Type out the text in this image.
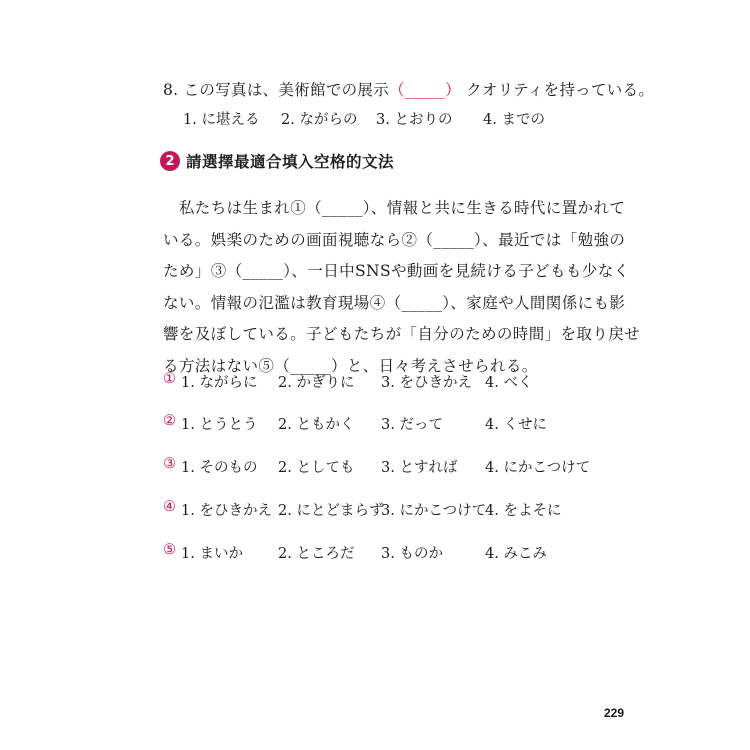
8. この写真は、美術館での展示（_____） クオリティを持っている。
1. に堪える 2. ながらの 3. とおりの 4. までの
2 請選擇最適合填入空格的文法
　私たちは生まれ①（_____）、情報と共に生きる時代に置かれて
いる。娯楽のための画面視聴なら②（_____）、最近では「勉強の
ため」③（_____）、一日中SNSや動画を見続ける子どもも少なく
ない。情報の氾濫は教育現場④（_____）、家庭や人間関係にも影
響を及ぼしている。子どもたちが「自分のための時間」を取り戻せ
る方法はない⑤（_____）と、日々考えさせられる。
① 1. ながらに 2. かぎりに 3. をひきかえ 4. べく
② 1. とうとう 2. ともかく 3. だって	4. くせに
③ 1. そのもの 2. としても 3. とすれば 4. にかこつけて
④ 1. をひきかえ 2. にとどまらず
3. にかこつけて
4. をよそに
⑤ 1. まいか 2. ところだ 3. ものか	4. みこみ
229
